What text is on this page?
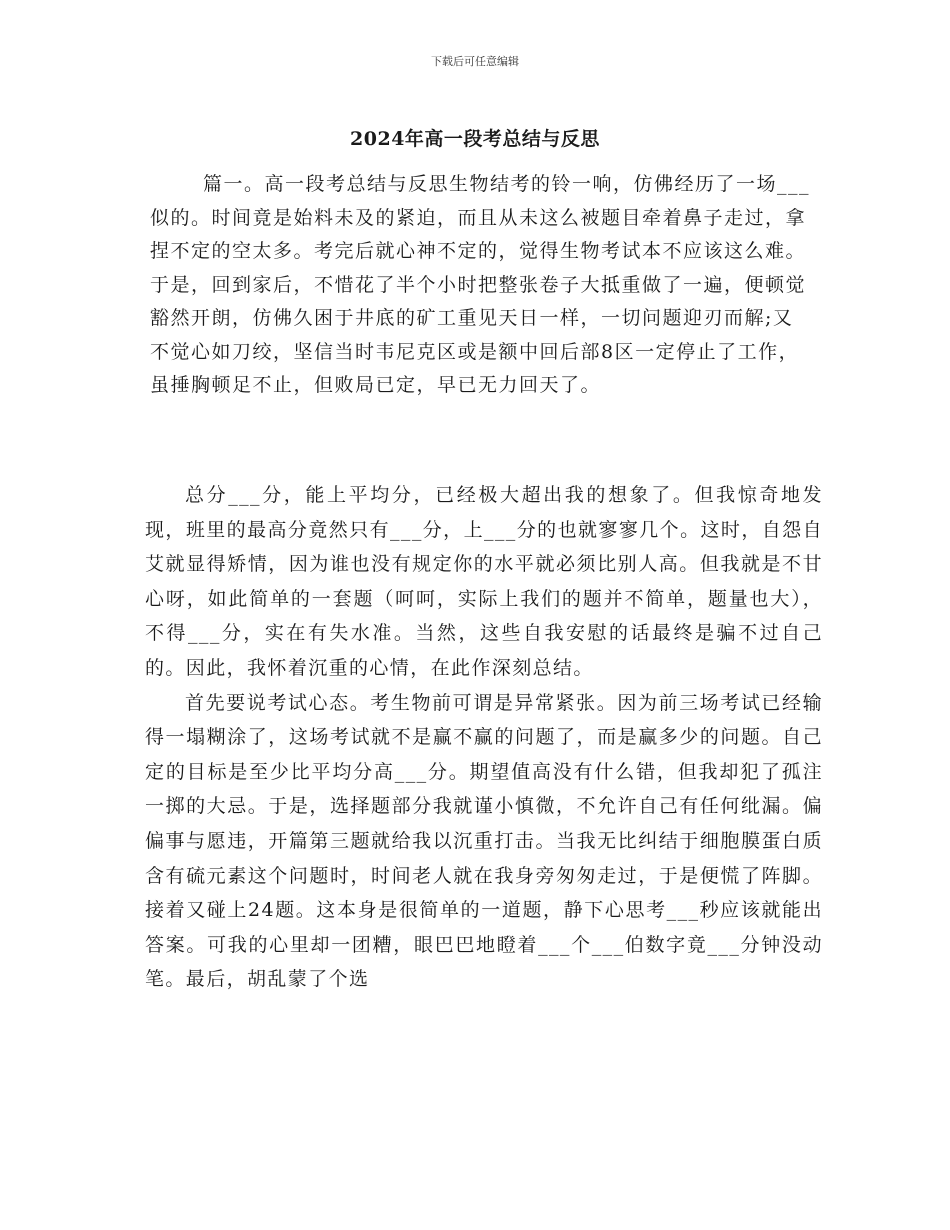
下载后可任意编辑
2024年高一段考总结与反思
篇一。高一段考总结与反思生物结考的铃一响，仿佛经历了一场___似的。时间竟是始料未及的紧迫，而且从未这么被题目牵着鼻子走过，拿捏不定的空太多。考完后就心神不定的，觉得生物考试本不应该这么难。于是，回到家后，不惜花了半个小时把整张卷子大抵重做了一遍，便顿觉豁然开朗，仿佛久困于井底的矿工重见天日一样，一切问题迎刃而解;又不觉心如刀绞，坚信当时韦尼克区或是额中回后部8区一定停止了工作，虽捶胸顿足不止，但败局已定，早已无力回天了。

总分___分，能上平均分，已经极大超出我的想象了。但我惊奇地发现，班里的最高分竟然只有___分，上___分的也就寥寥几个。这时，自怨自艾就显得矫情，因为谁也没有规定你的水平就必须比别人高。但我就是不甘心呀，如此简单的一套题（呵呵，实际上我们的题并不简单，题量也大），不得___分，实在有失水准。当然，这些自我安慰的话最终是骗不过自己的。因此，我怀着沉重的心情，在此作深刻总结。

首先要说考试心态。考生物前可谓是异常紧张。因为前三场考试已经输得一塌糊涂了，这场考试就不是赢不赢的问题了，而是赢多少的问题。自己定的目标是至少比平均分高___分。期望值高没有什么错，但我却犯了孤注一掷的大忌。于是，选择题部分我就谨小慎微，不允许自己有任何纰漏。偏偏事与愿违，开篇第三题就给我以沉重打击。当我无比纠结于细胞膜蛋白质含有硫元素这个问题时，时间老人就在我身旁匆匆走过，于是便慌了阵脚。接着又碰上24题。这本身是很简单的一道题，静下心思考___秒应该就能出答案。可我的心里却一团糟，眼巴巴地瞪着___个___伯数字竟___分钟没动笔。最后，胡乱蒙了个选
